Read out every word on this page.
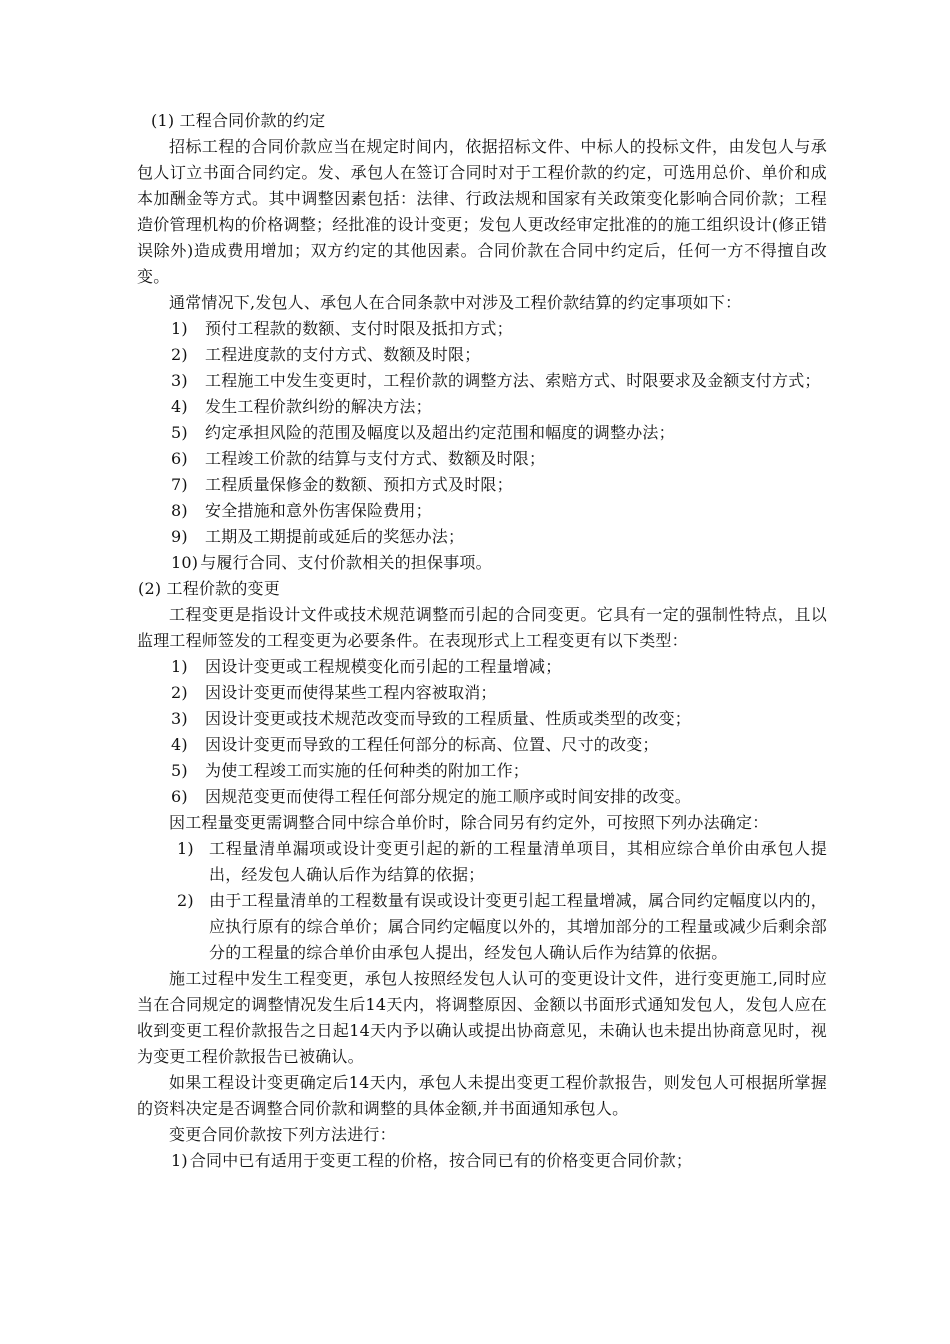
(1) 工程合同价款的约定
招标工程的合同价款应当在规定时间内，依据招标文件、中标人的投标文件，由发包人与承包人订立书面合同约定。发、承包人在签订合同时对于工程价款的约定，可选用总价、单价和成本加酬金等方式。其中调整因素包括：法律、行政法规和国家有关政策变化影响合同价款；工程造价管理机构的价格调整；经批准的设计变更；发包人更改经审定批准的的施工组织设计(修正错误除外)造成费用增加；双方约定的其他因素。合同价款在合同中约定后，任何一方不得擅自改变。
通常情况下,发包人、承包人在合同条款中对涉及工程价款结算的约定事项如下：
1)	预付工程款的数额、支付时限及抵扣方式；
2)	工程进度款的支付方式、数额及时限；
3)	工程施工中发生变更时，工程价款的调整方法、索赔方式、时限要求及金额支付方式；
4)	发生工程价款纠纷的解决方法；
5)	约定承担风险的范围及幅度以及超出约定范围和幅度的调整办法；
6)	工程竣工价款的结算与支付方式、数额及时限；
7)	工程质量保修金的数额、预扣方式及时限；
8)	安全措施和意外伤害保险费用；
9)	工期及工期提前或延后的奖惩办法；
10) 与履行合同、支付价款相关的担保事项。
(2) 工程价款的变更
工程变更是指设计文件或技术规范调整而引起的合同变更。它具有一定的强制性特点，且以监理工程师签发的工程变更为必要条件。在表现形式上工程变更有以下类型：
1)	因设计变更或工程规模变化而引起的工程量增减；
2)	因设计变更而使得某些工程内容被取消；
3)	因设计变更或技术规范改变而导致的工程质量、性质或类型的改变；
4)	因设计变更而导致的工程任何部分的标高、位置、尺寸的改变；
5)	为使工程竣工而实施的任何种类的附加工作；
6)	因规范变更而使得工程任何部分规定的施工顺序或时间安排的改变。
因工程量变更需调整合同中综合单价时，除合同另有约定外，可按照下列办法确定：
1) 工程量清单漏项或设计变更引起的新的工程量清单项目，其相应综合单价由承包人提出，经发包人确认后作为结算的依据；
2) 由于工程量清单的工程数量有误或设计变更引起工程量增减，属合同约定幅度以内的，应执行原有的综合单价；属合同约定幅度以外的，其增加部分的工程量或减少后剩余部分的工程量的综合单价由承包人提出，经发包人确认后作为结算的依据。
施工过程中发生工程变更，承包人按照经发包人认可的变更设计文件，进行变更施工,同时应当在合同规定的调整情况发生后14天内，将调整原因、金额以书面形式通知发包人，发包人应在收到变更工程价款报告之日起14天内予以确认或提出协商意见，未确认也未提出协商意见时，视为变更工程价款报告已被确认。
如果工程设计变更确定后14天内，承包人未提出变更工程价款报告，则发包人可根据所掌握的资料决定是否调整合同价款和调整的具体金额,并书面通知承包人。
变更合同价款按下列方法进行：
1) 合同中已有适用于变更工程的价格，按合同已有的价格变更合同价款；
